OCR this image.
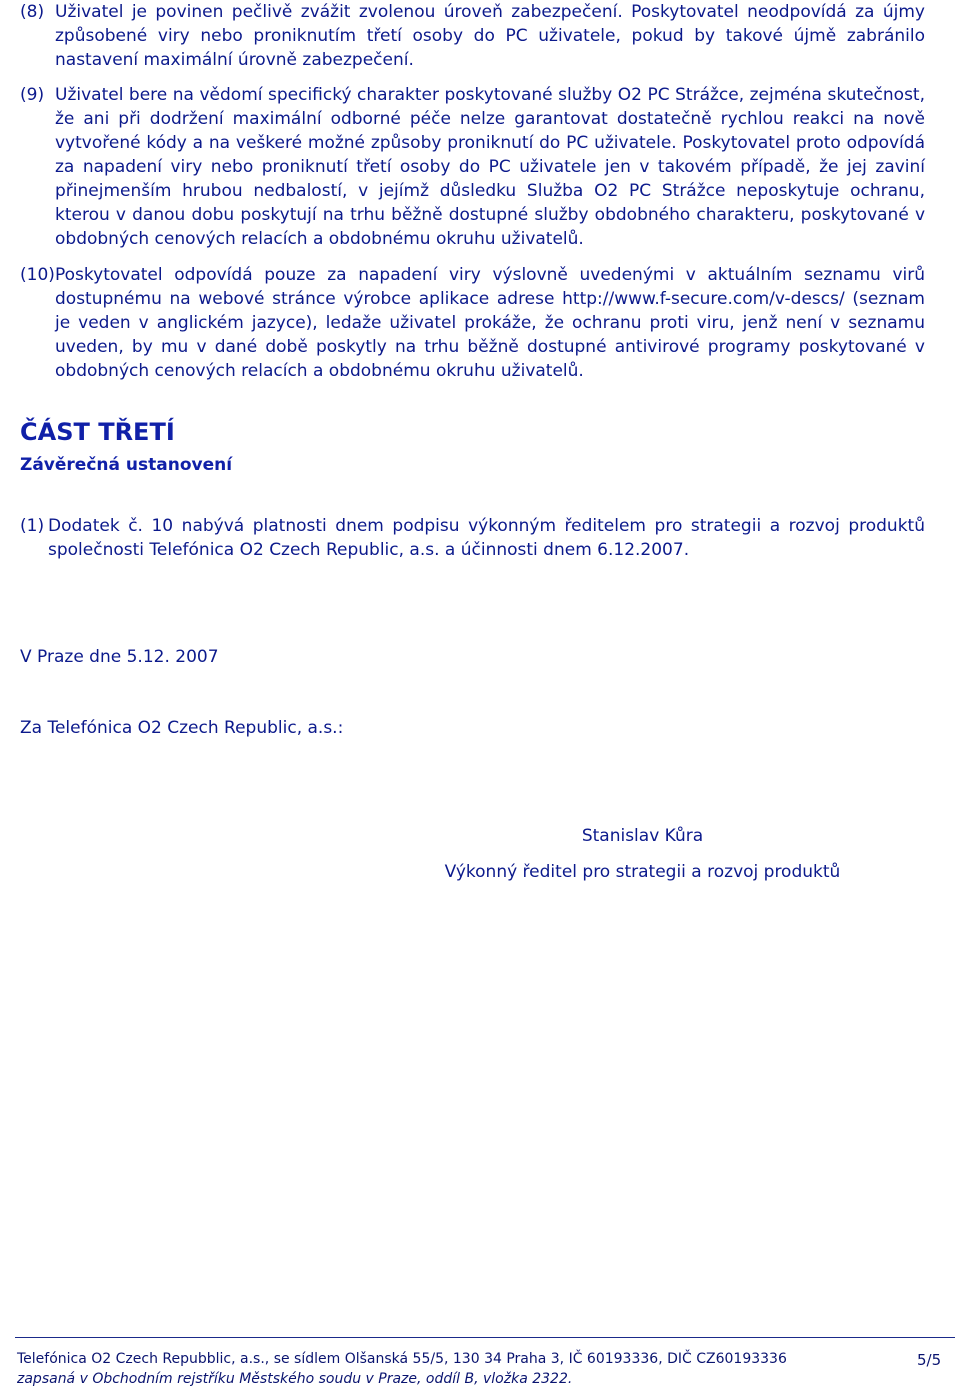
(8) Uživatel je povinen pečlivě zvážit zvolenou úroveň zabezpečení. Poskytovatel neodpovídá za újmy způsobené viry nebo proniknutím třetí osoby do PC uživatele, pokud by takové újmě zabránilo nastavení maximální úrovně zabezpečení.
(9) Uživatel bere na vědomí specifický charakter poskytované služby O2 PC Strážce, zejména skutečnost, že ani při dodržení maximální odborné péče nelze garantovat dostatečně rychlou reakci na nově vytvořené kódy a na veškeré možné způsoby proniknutí do PC uživatele. Poskytovatel proto odpovídá za napadení viry nebo proniknutí třetí osoby do PC uživatele jen v takovém případě, že jej zaviní přinejmenším hrubou nedbalostí, v jejímž důsledku Služba O2 PC Strážce neposkytuje ochranu, kterou v danou dobu poskytují na trhu běžně dostupné služby obdobného charakteru, poskytované v obdobných cenových relacích a obdobnému okruhu uživatelů.
(10) Poskytovatel odpovídá pouze za napadení viry výslovně uvedenými v aktuálním seznamu virů dostupnému na webové stránce výrobce aplikace adrese http://www.f-secure.com/v-descs/ (seznam je veden v anglickém jazyce), ledaže uživatel prokáže, že ochranu proti viru, jenž není v seznamu uveden, by mu v dané době poskytly na trhu běžně dostupné antivirové programy poskytované v obdobných cenových relacích a obdobnému okruhu uživatelů.
ČÁST TŘETÍ
Závěrečná ustanovení
(1) Dodatek č. 10 nabývá platnosti dnem podpisu výkonným ředitelem pro strategii a rozvoj produktů společnosti Telefónica O2 Czech Republic, a.s. a účinnosti dnem 6.12.2007.
V Praze dne 5.12. 2007
Za Telefónica O2 Czech Republic, a.s.:
Stanislav Kůra
Výkonný ředitel pro strategii a rozvoj produktů
Telefónica O2 Czech Repubblic, a.s., se sídlem Olšanská 55/5, 130 34 Praha 3, IČ 60193336, DIČ CZ60193336
zapsaná v Obchodním rejstříku Městského soudu v Praze, oddíl B, vložka 2322.
5/5
